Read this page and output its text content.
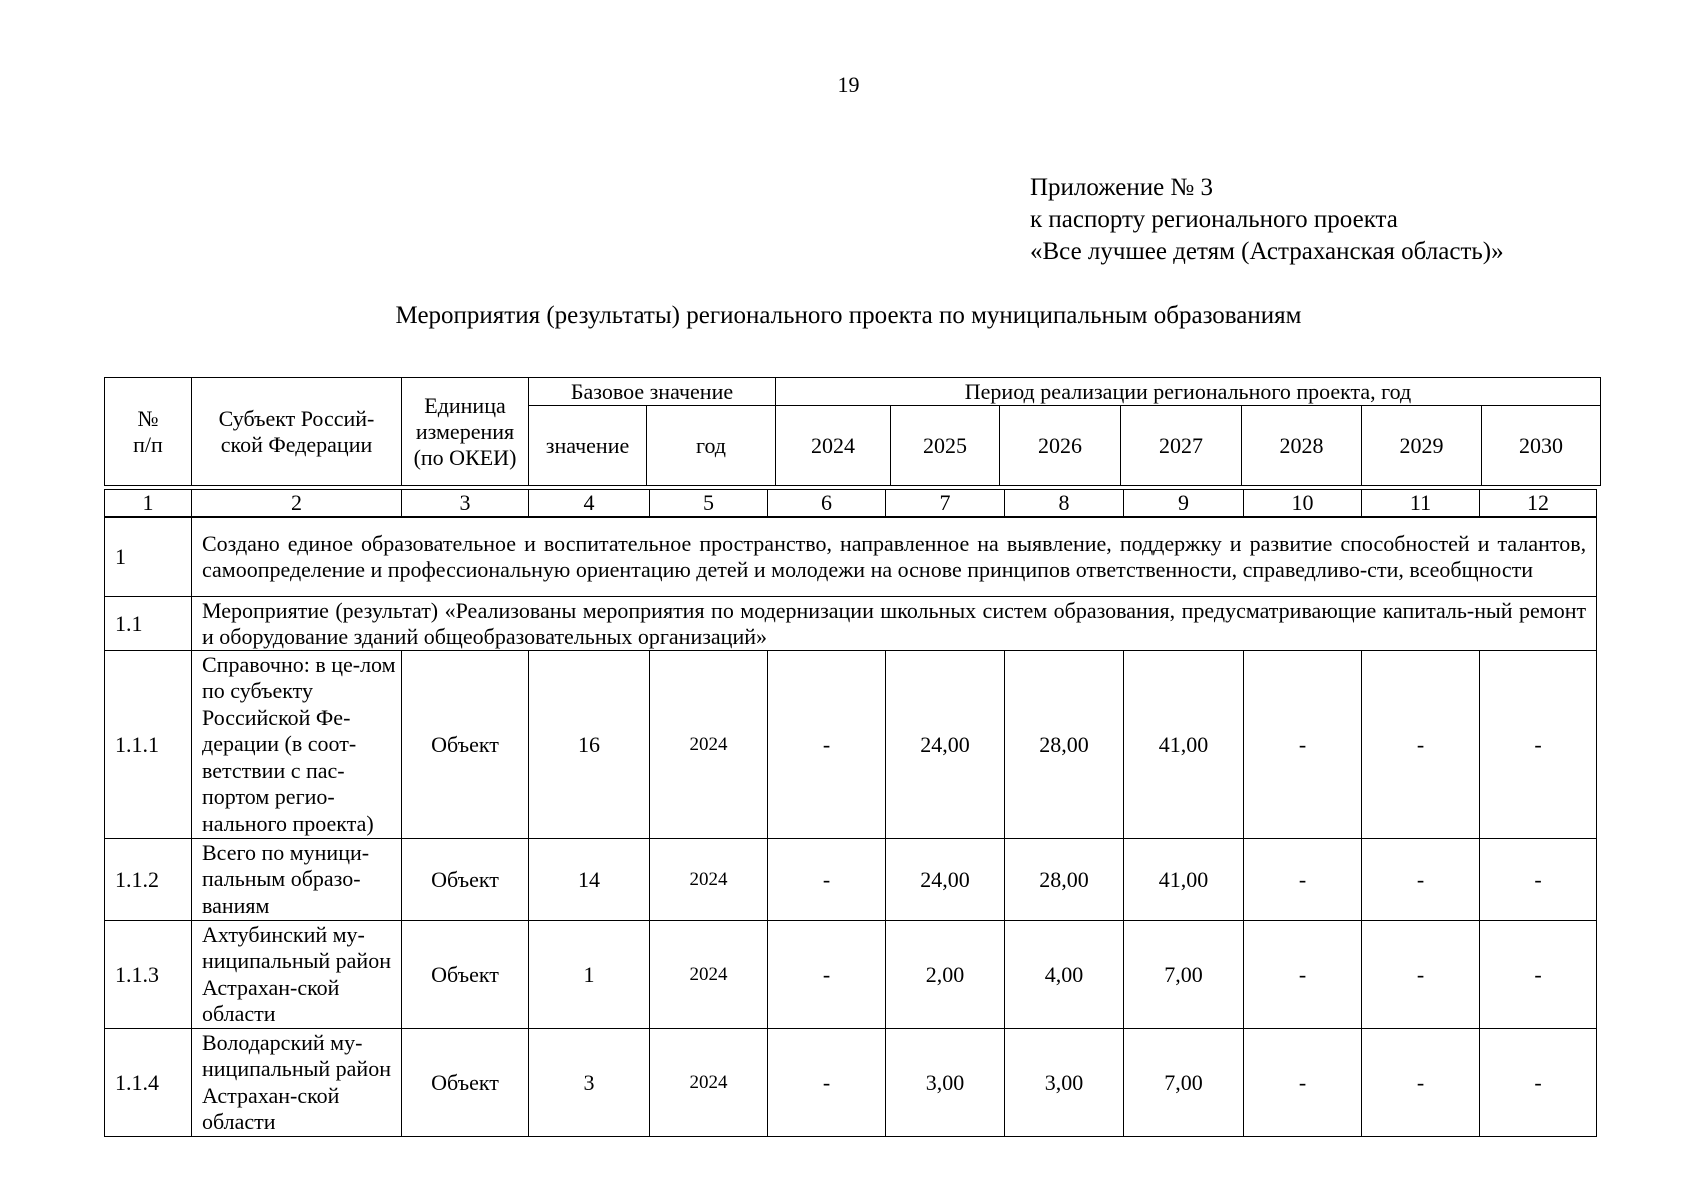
19
Приложение № 3
к паспорту регионального проекта
«Все лучшее детям (Астраханская область)»
Мероприятия (результаты) регионального проекта по муниципальным образованиям
№ п/п	Субъект Россий-ской Федерации	Единица измерения (по ОКЕИ)	Базовое значение		Период реализации регионального проекта, год						
			значение	год	2024	2025	2026	2027	2028	2029	2030
1	2	3	4	5	6	7	8	9	10	11	12
1	Создано единое образовательное и воспитательное пространство, направленное на выявление, поддержку и развитие способностей и талантов, самоопределение и профессиональную ориентацию детей и молодежи на основе принципов ответственности, справедливо-сти, всеобщности										
1.1	Мероприятие (результат) «Реализованы мероприятия по модернизации школьных систем образования, предусматривающие капиталь-ный ремонт и оборудование зданий общеобразовательных организаций»										
1.1.1	Справочно: в це-лом по субъекту Российской Фе-дерации (в соот-ветствии с пас-портом регио-нального проекта)	Объект	16	2024	-	24,00	28,00	41,00	-	-	-
1.1.2	Всего по муници-пальным образо-ваниям	Объект	14	2024	-	24,00	28,00	41,00	-	-	-
1.1.3	Ахтубинский му-ниципальный район Астрахан-ской области	Объект	1	2024	-	2,00	4,00	7,00	-	-	-
1.1.4	Володарский му-ниципальный район Астрахан-ской области	Объект	3	2024	-	3,00	3,00	7,00	-	-	-
